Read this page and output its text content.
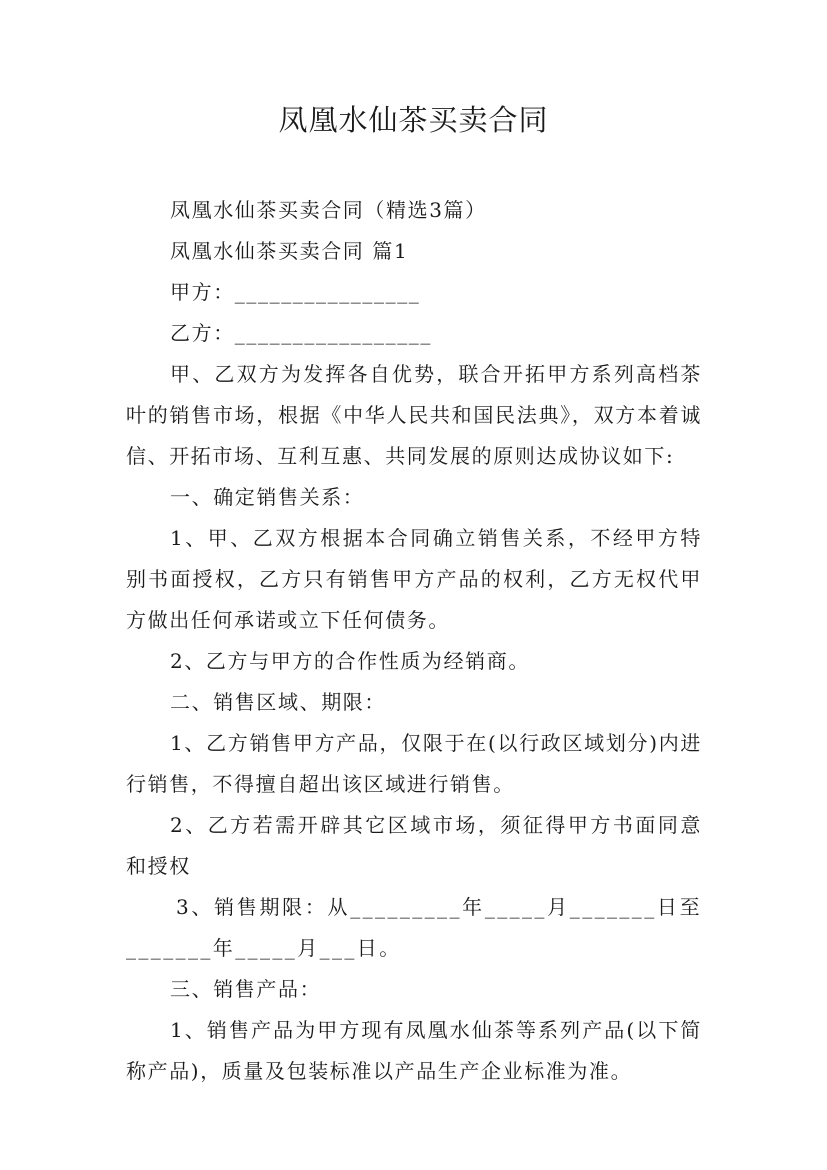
凤凰水仙茶买卖合同

凤凰水仙茶买卖合同（精选3篇）

凤凰水仙茶买卖合同 篇1

甲方：________________

乙方：_________________

甲、乙双方为发挥各自优势，联合开拓甲方系列高档茶叶的销售市场，根据《中华人民共和国民法典》，双方本着诚信、开拓市场、互利互惠、共同发展的原则达成协议如下:

一、确定销售关系：

1、甲、乙双方根据本合同确立销售关系，不经甲方特别书面授权，乙方只有销售甲方产品的权利，乙方无权代甲方做出任何承诺或立下任何债务。

2、乙方与甲方的合作性质为经销商。

二、销售区域、期限：

1、乙方销售甲方产品，仅限于在(以行政区域划分)内进行销售，不得擅自超出该区域进行销售。

2、乙方若需开辟其它区域市场，须征得甲方书面同意和授权

3、销售期限：从_________年_____月_______日至_______年_____月___日。

三、销售产品：

1、销售产品为甲方现有凤凰水仙茶等系列产品(以下简称产品)，质量及包装标准以产品生产企业标准为准。
